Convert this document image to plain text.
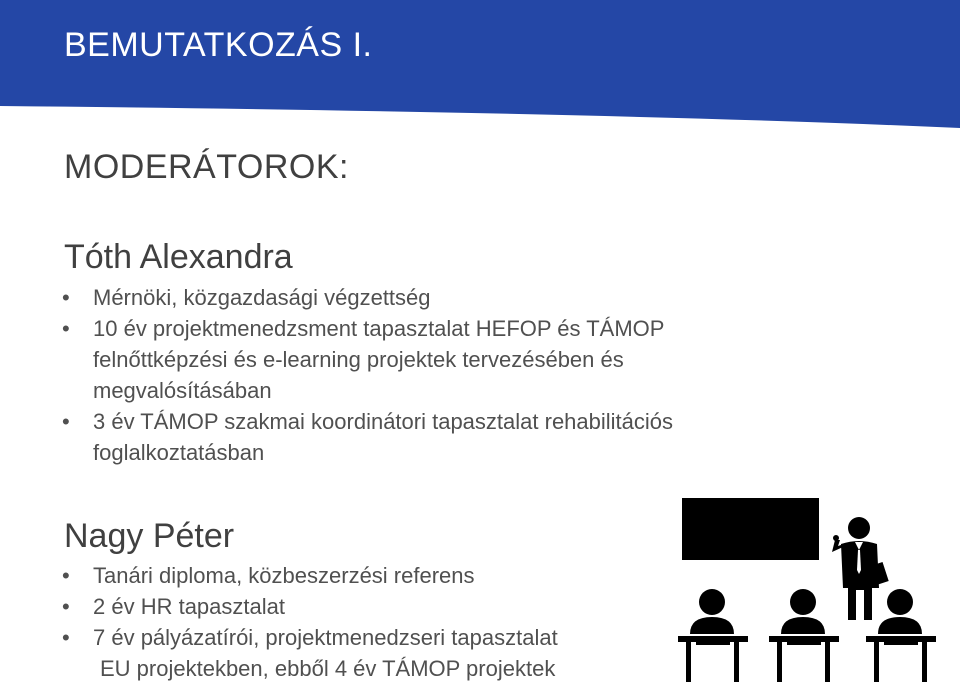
BEMUTATKOZÁS I.
MODERÁTOROK:
Tóth Alexandra
• Mérnöki, közgazdasági végzettség
• 10 év projektmenedzsment tapasztalat HEFOP és TÁMOP felnőttképzési és e-learning projektek tervezésében és megvalósításában
• 3 év TÁMOP szakmai koordinátori tapasztalat rehabilitációs foglalkoztatásban
Nagy Péter
• Tanári diploma, közbeszerzési referens
• 2 év HR tapasztalat
• 7 év pályázatírói, projektmenedzseri tapasztalat
EU projektekben, ebből 4 év TÁMOP projektek
